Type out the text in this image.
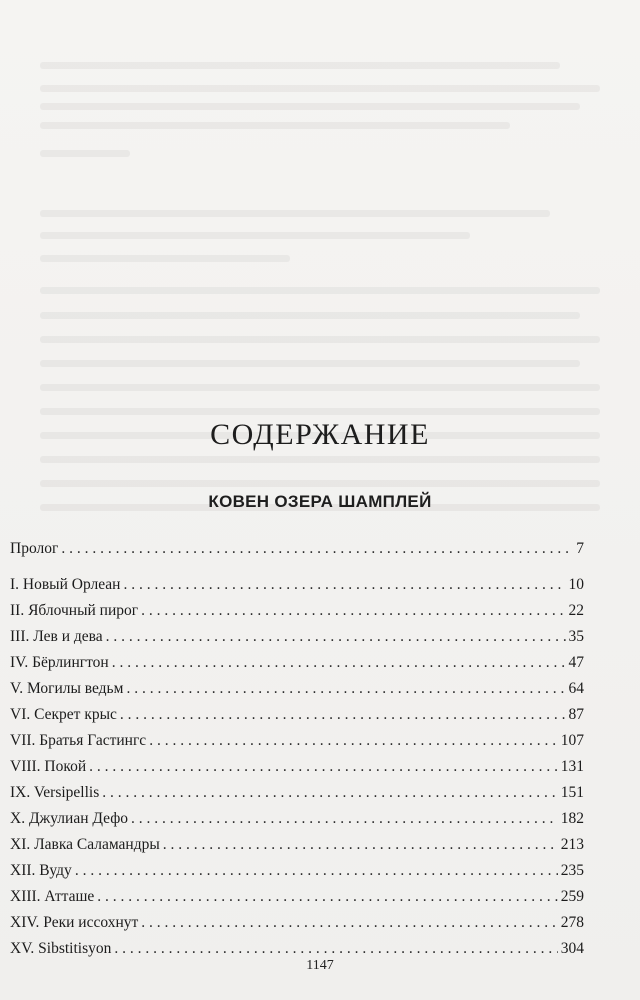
СОДЕРЖАНИЕ
КОВЕН ОЗЕРА ШАМПЛЕЙ
Пролог . . .	7
I. Новый Орлеан . . .	10
II. Яблочный пирог . . .	22
III. Лев и дева . . .	35
IV. Бёрлингтон . . .	47
V. Могилы ведьм . . .	64
VI. Секрет крыс . . .	87
VII. Братья Гастингс . . .	107
VIII. Покой . . .	131
IX. Versipellis . . .	151
X. Джулиан Дефо . . .	182
XI. Лавка Саламандры . . .	213
XII. Вуду . . .	235
XIII. Атташе . . .	259
XIV. Реки иссохнут . . .	278
XV. Sibstitisyon . . .	304
1147
